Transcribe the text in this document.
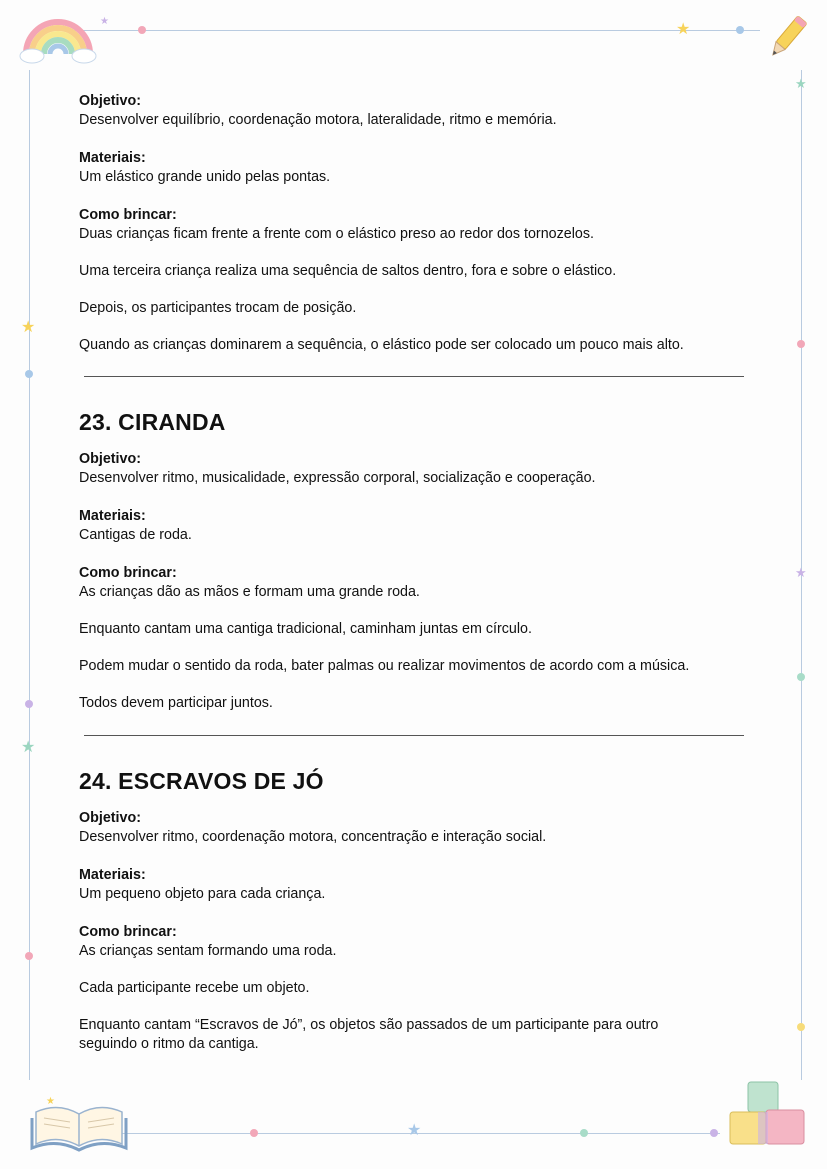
★
★
★
★
★
★
★
★
Objetivo:
Desenvolver equilíbrio, coordenação motora, lateralidade, ritmo e memória.
Materiais:
Um elástico grande unido pelas pontas.
Como brincar:
Duas crianças ficam frente a frente com o elástico preso ao redor dos tornozelos.
Uma terceira criança realiza uma sequência de saltos dentro, fora e sobre o elástico.
Depois, os participantes trocam de posição.
Quando as crianças dominarem a sequência, o elástico pode ser colocado um pouco mais alto.
23. CIRANDA
Objetivo:
Desenvolver ritmo, musicalidade, expressão corporal, socialização e cooperação.
Materiais:
Cantigas de roda.
Como brincar:
As crianças dão as mãos e formam uma grande roda.
Enquanto cantam uma cantiga tradicional, caminham juntas em círculo.
Podem mudar o sentido da roda, bater palmas ou realizar movimentos de acordo com a música.
Todos devem participar juntos.
24. ESCRAVOS DE JÓ
Objetivo:
Desenvolver ritmo, coordenação motora, concentração e interação social.
Materiais:
Um pequeno objeto para cada criança.
Como brincar:
As crianças sentam formando uma roda.
Cada participante recebe um objeto.
Enquanto cantam “Escravos de Jó”, os objetos são passados de um participante para outro seguindo o ritmo da cantiga.
